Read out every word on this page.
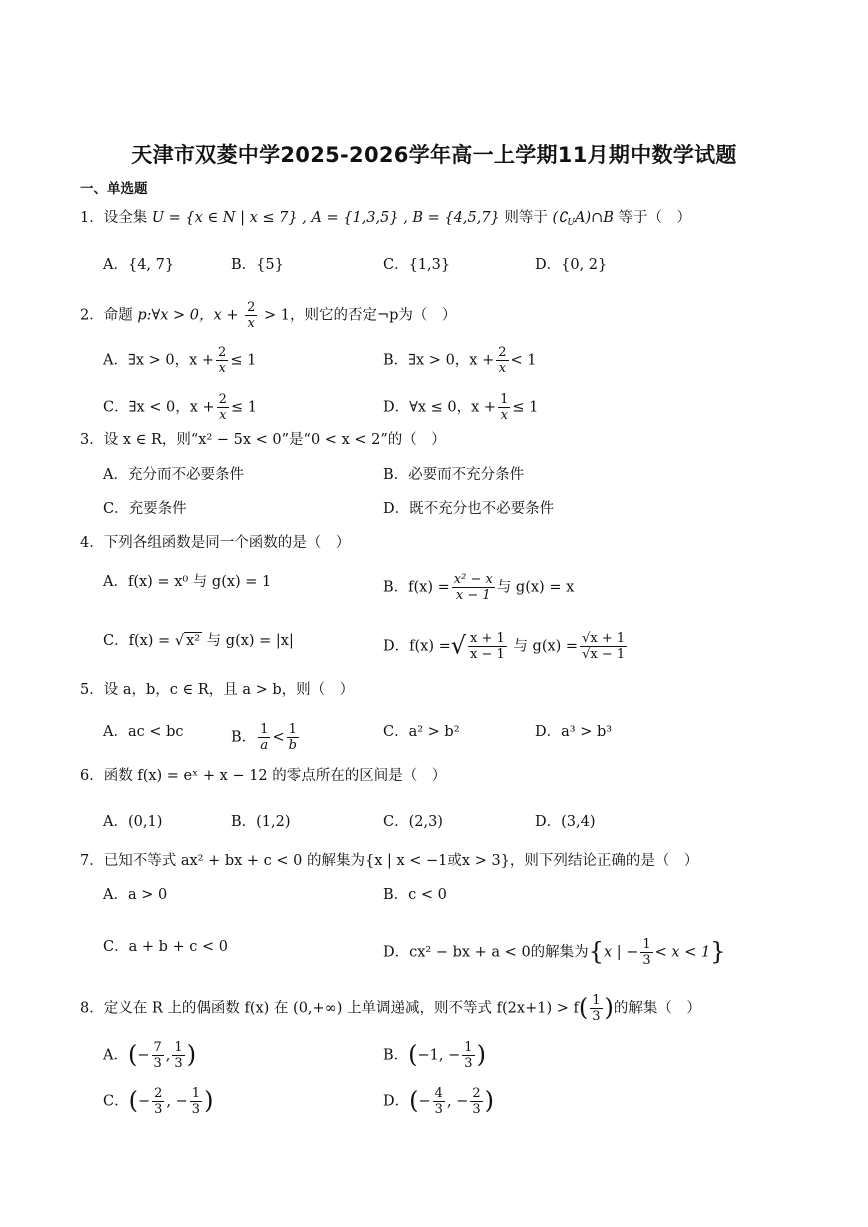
天津市双菱中学2025-2026学年高一上学期11月期中数学试题
一、单选题
1．设全集 U = {x ∈ N | x ≤ 7} , A = {1,3,5} , B = {4,5,7} 则等于 $(∁_UA)\cap B$ 等于（　）
A．{4, 7}	B．{5}	C．{1,3}	D．{0, 2}
2．命题 p:∀x > 0，$x + \frac{2}{x} > 1$，则它的否定¬p为（　）
A．∃x > 0，$x + \frac{2}{x} \le 1$	B．∃x > 0，$x + \frac{2}{x} < 1$
C．∃x < 0，$x + \frac{2}{x} \le 1$	D．∀x ≤ 0，$x + \frac{1}{x} \le 1$
3．设 x ∈ R，则“x² − 5x < 0”是“0 < x < 2”的（　）
A．充分而不必要条件	B．必要而不充分条件
C．充要条件	D．既不充分也不必要条件
4．下列各组函数是同一个函数的是（　）
A．f(x) = x⁰ 与 g(x) = 1	B．$f(x) = \frac{\text{x² − x}}{x - 1}$ 与 g(x) = x
C．f(x) = √ x² 与 g(x) = |x|	D．f(x) =√ $\frac{x + 1}{x - 1}$ 与 $g(x) = \frac{√x + 1}{√x - 1}$
5．设 a，b，c ∈ R，且 a > b，则（　）
A．ac < bc	B． $\frac{1}{a} < \frac{1}{b}$	C．a² > b²	D．a³ > b³
6．函数 f(x) = eˣ + x − 12 的零点所在的区间是（　）
A．(0,1)	B．(1,2)	C．(2,3)	D．(3,4)
7．已知不等式 ax² + bx + c < 0 的解集为{x | x < −1或x > 3}，则下列结论正确的是（　）
A．a > 0	B．c < 0
C．a + b + c < 0	D．cx² − bx + a < 0的解集为{x | − $\frac{1}{3} < x < 1$}
8．定义在 R 上的偶函数 f(x) 在 (0,+∞) 上单调递减，则不等式 $f(2x+1) > f( \frac{1}{3}$ )的解集（　）
A．(− $\frac{7}{3}$ , $\frac{1}{3}$ )	B．(−1, − $\frac{1}{3}$ )
C．(− $\frac{2}{3}$ , − $\frac{1}{3}$ )	D．(− $\frac{4}{3}$ , − $\frac{2}{3}$ )
